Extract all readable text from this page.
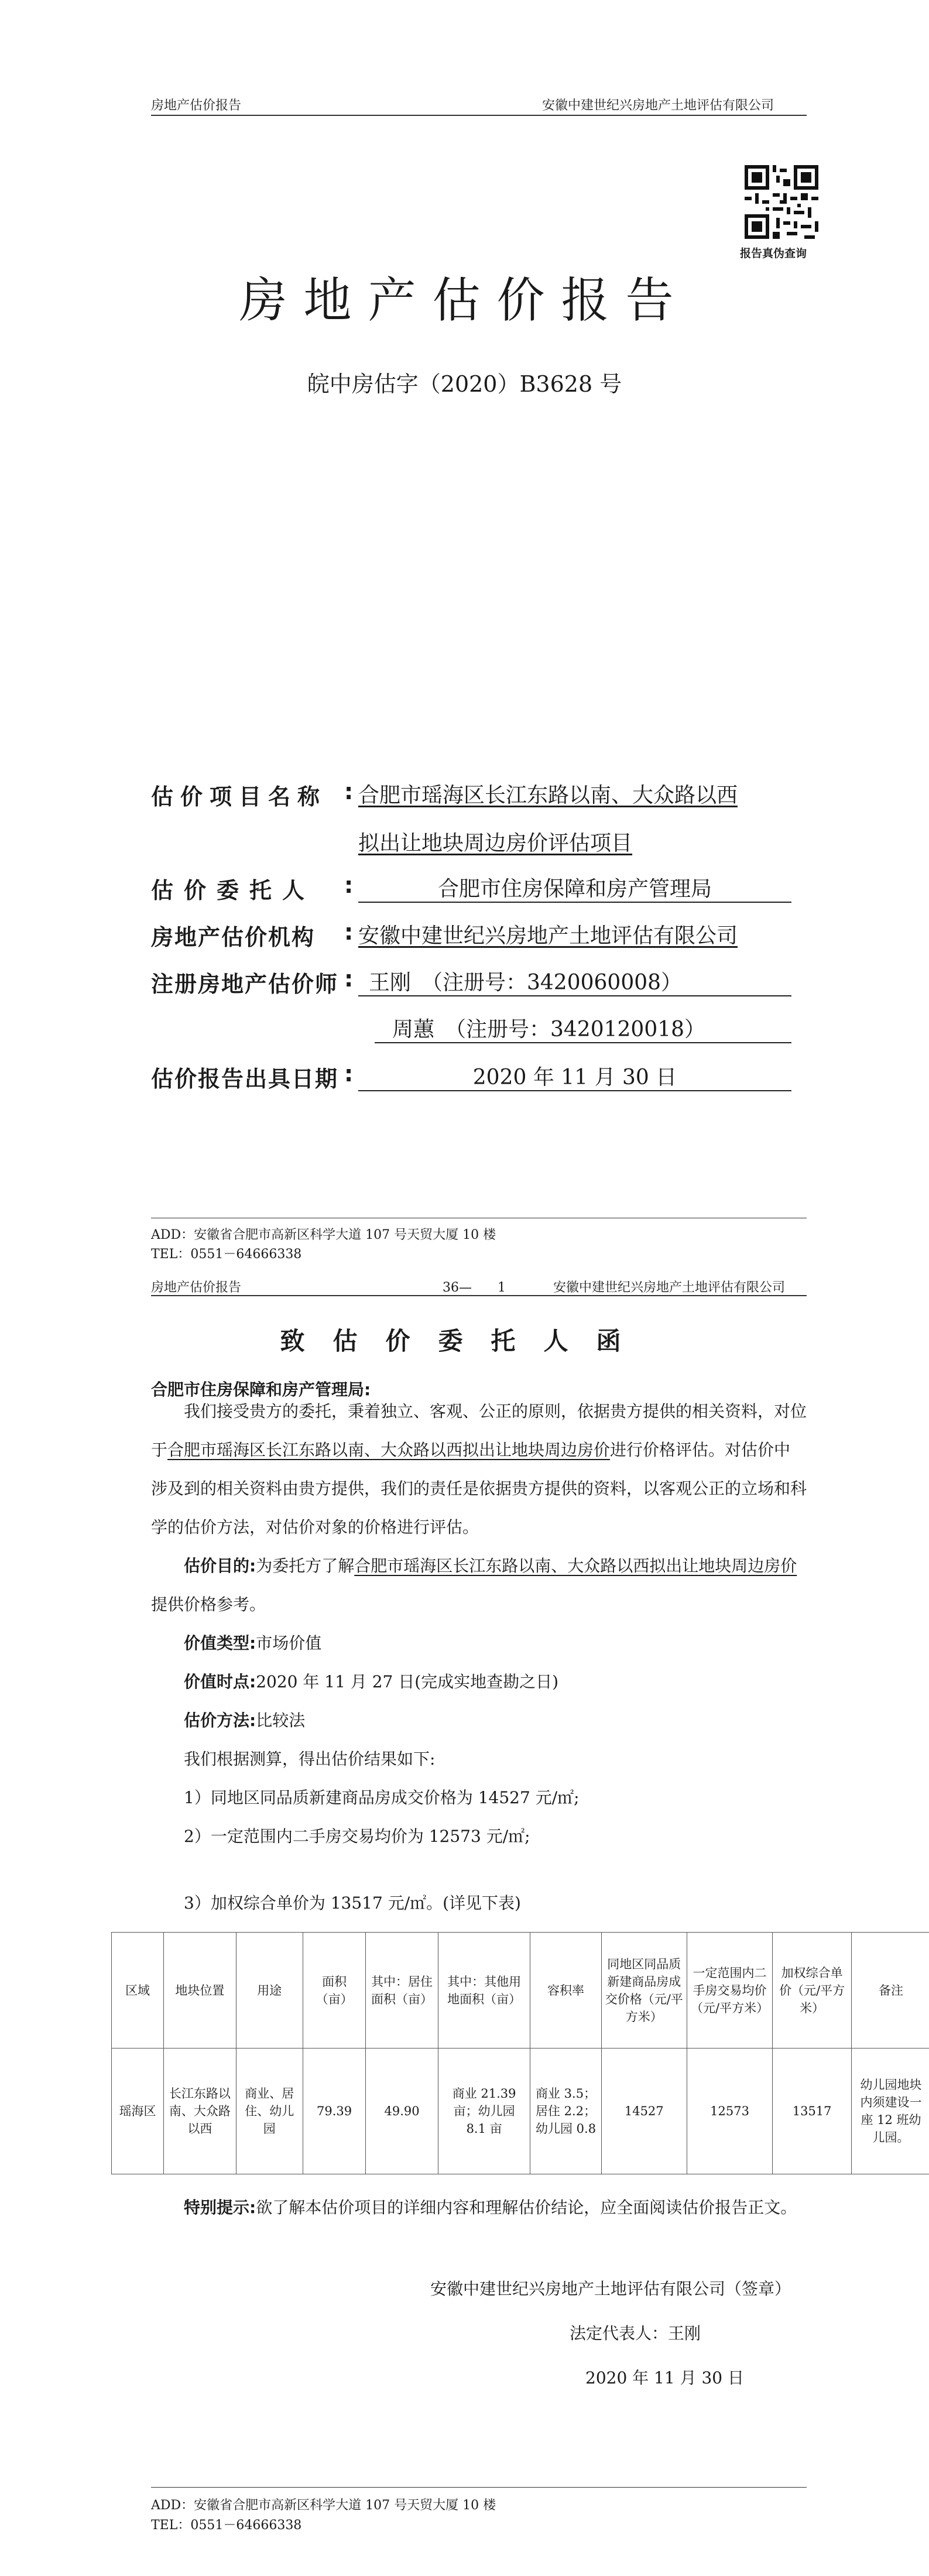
房地产估价报告	安徽中建世纪兴房地产土地评估有限公司
报告真伪查询
房地产估价报告
皖中房估字（2020）B3628 号
估价项目名称 : 合肥市瑶海区长江东路以南、大众路以西
拟出让地块周边房价评估项目
估价委托人 :	合肥市住房保障和房产管理局
房地产估价机构 : 安徽中建世纪兴房地产土地评估有限公司
注册房地产估价师 : 王刚　（注册号：3420060008）
周蕙　（注册号：3420120018）
估价报告出具日期 :	2020 年 11 月 30 日
ADD：安徽省合肥市高新区科学大道 107 号天贸大厦 10 楼
TEL：0551－64666338
房地产估价报告	36—　　1	安徽中建世纪兴房地产土地评估有限公司
致估价委托人函
合肥市住房保障和房产管理局:
我们接受贵方的委托，秉着独立、客观、公正的原则，依据贵方提供的相关资料，对位于合肥市瑶海区长江东路以南、大众路以西拟出让地块周边房价进行价格评估。对估价中涉及到的相关资料由贵方提供，我们的责任是依据贵方提供的资料，以客观公正的立场和科学的估价方法，对估价对象的价格进行评估。
估价目的:为委托方了解合肥市瑶海区长江东路以南、大众路以西拟出让地块周边房价提供价格参考。
价值类型:市场价值
价值时点:2020 年 11 月 27 日(完成实地查勘之日)
估价方法:比较法
我们根据测算，得出估价结果如下:
1）同地区同品质新建商品房成交价格为 14527 元/㎡;
2）一定范围内二手房交易均价为 12573 元/㎡;
3）加权综合单价为 13517 元/㎡。(详见下表)
区域	地块位置	用途	面积（亩）	其中：居住面积（亩）	其中：其他用地面积（亩）	容积率	同地区同品质新建商品房成交价格（元/平方米）	一定范围内二手房交易均价（元/平方米）	加权综合单价（元/平方米）	备注
瑶海区	长江东路以南、大众路以西	商业、居住、幼儿园	79.39	49.90	商业 21.39 亩；幼儿园 8.1 亩	商业 3.5；居住 2.2；幼儿园 0.8	14527	12573	13517	幼儿园地块内须建设一座 12 班幼儿园。
特别提示:欲了解本估价项目的详细内容和理解估价结论，应全面阅读估价报告正文。
安徽中建世纪兴房地产土地评估有限公司（签章）
法定代表人：王刚
2020 年 11 月 30 日
ADD：安徽省合肥市高新区科学大道 107 号天贸大厦 10 楼
TEL：0551－64666338
